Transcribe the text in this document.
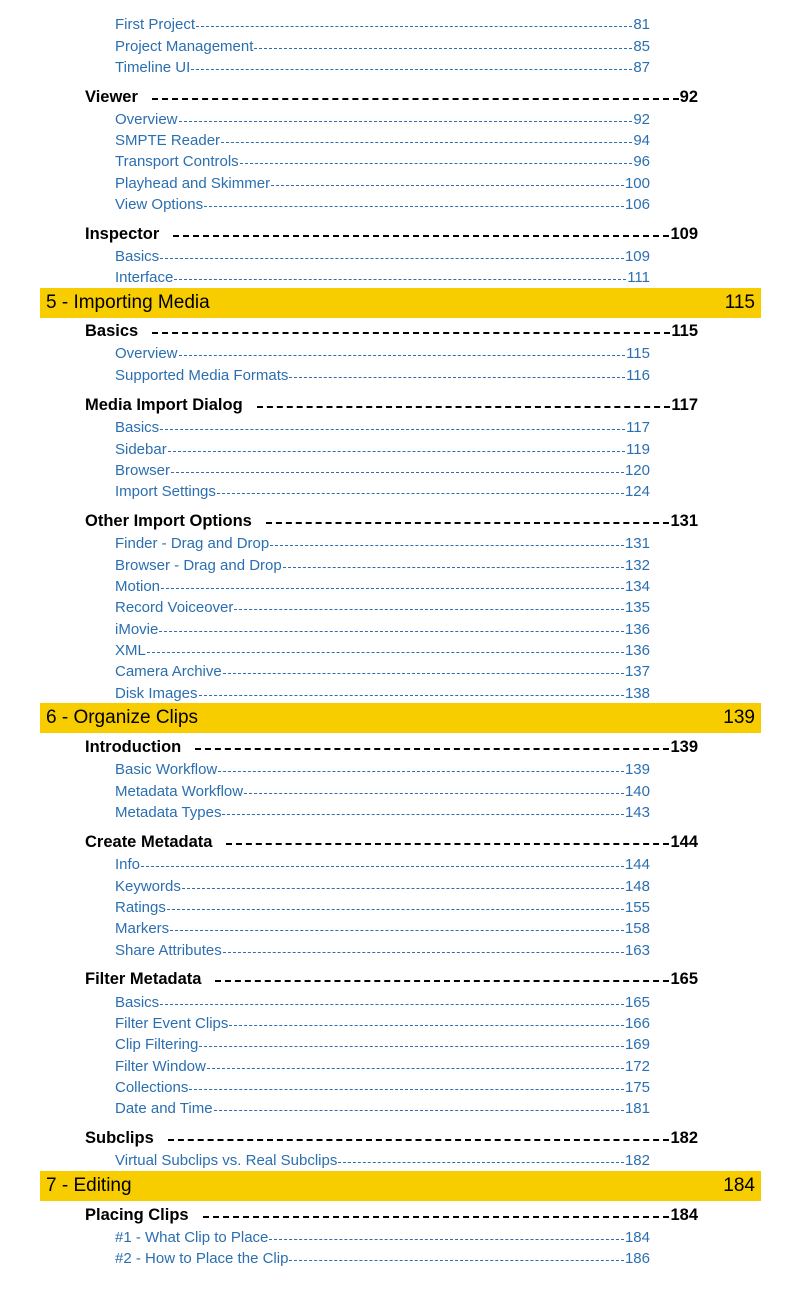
First Project	81
Project Management	85
Timeline UI	87
Viewer	92
Overview	92
SMPTE Reader	94
Transport Controls	96
Playhead and Skimmer	100
View Options	106
Inspector	109
Basics	109
Interface	111
5 - Importing Media	115
Basics	115
Overview	115
Supported Media Formats	116
Media Import Dialog	117
Basics	117
Sidebar	119
Browser	120
Import Settings	124
Other Import Options	131
Finder - Drag and Drop	131
Browser - Drag and Drop	132
Motion	134
Record Voiceover	135
iMovie	136
XML	136
Camera Archive	137
Disk Images	138
6 - Organize Clips	139
Introduction	139
Basic Workflow	139
Metadata Workflow	140
Metadata Types	143
Create Metadata	144
Info	144
Keywords	148
Ratings	155
Markers	158
Share Attributes	163
Filter Metadata	165
Basics	165
Filter Event Clips	166
Clip Filtering	169
Filter Window	172
Collections	175
Date and Time	181
Subclips	182
Virtual Subclips vs. Real Subclips	182
7 - Editing	184
Placing Clips	184
#1 - What Clip to Place	184
#2 - How to Place the Clip	186
